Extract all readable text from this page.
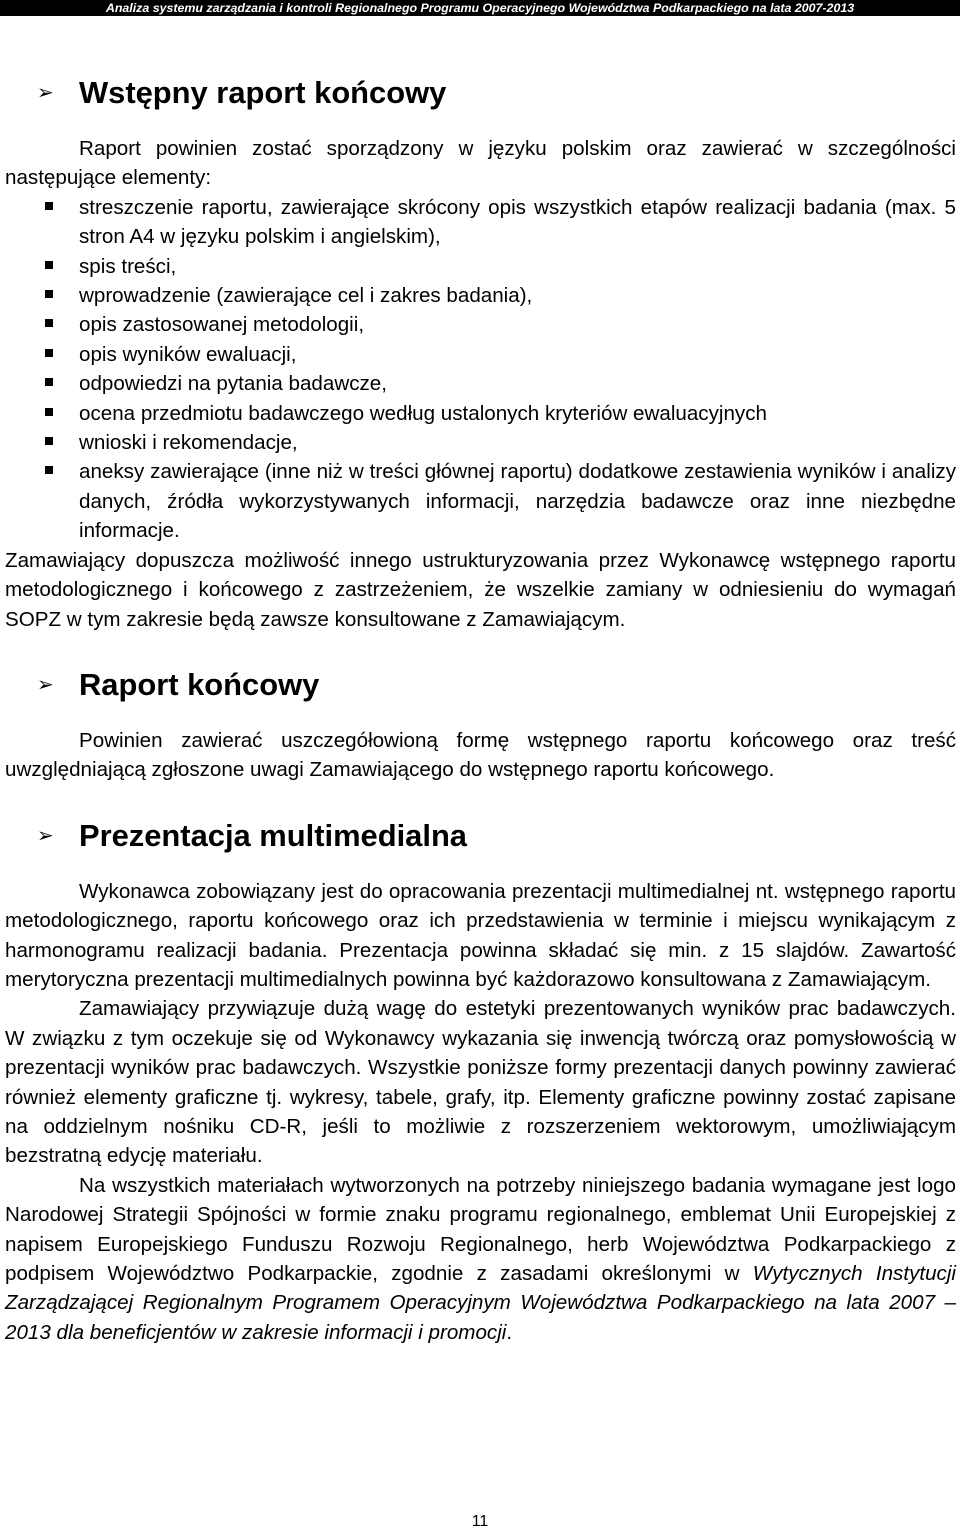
Analiza systemu zarządzania i kontroli Regionalnego Programu Operacyjnego Województwa Podkarpackiego na lata 2007-2013
➢ Wstępny raport końcowy

Raport powinien zostać sporządzony w języku polskim oraz zawierać w szczególności następujące elementy:

streszczenie raportu, zawierające skrócony opis wszystkich etapów realizacji badania (max. 5 stron A4 w języku polskim i angielskim),
spis treści,
wprowadzenie (zawierające cel i zakres badania),
opis zastosowanej metodologii,
opis wyników ewaluacji,
odpowiedzi na pytania badawcze,
ocena przedmiotu badawczego według ustalonych kryteriów ewaluacyjnych
wnioski i rekomendacje,
aneksy zawierające (inne niż w treści głównej raportu) dodatkowe zestawienia wyników i analizy danych, źródła wykorzystywanych informacji, narzędzia badawcze oraz inne niezbędne informacje.

Zamawiający dopuszcza możliwość innego ustrukturyzowania przez Wykonawcę wstępnego raportu metodologicznego i końcowego z zastrzeżeniem, że wszelkie zamiany w odniesieniu do wymagań SOPZ w tym zakresie będą zawsze konsultowane z Zamawiającym.

➢ Raport końcowy

Powinien zawierać uszczegółowioną formę wstępnego raportu końcowego oraz treść uwzględniającą zgłoszone uwagi Zamawiającego do wstępnego raportu końcowego.

➢ Prezentacja multimedialna

Wykonawca zobowiązany jest do opracowania prezentacji multimedialnej nt. wstępnego raportu metodologicznego, raportu końcowego oraz ich przedstawienia w terminie i miejscu wynikającym z harmonogramu realizacji badania. Prezentacja powinna składać się min. z 15 slajdów. Zawartość merytoryczna prezentacji multimedialnych powinna być każdorazowo konsultowana z Zamawiającym.

Zamawiający przywiązuje dużą wagę do estetyki prezentowanych wyników prac badawczych. W związku z tym oczekuje się od Wykonawcy wykazania się inwencją twórczą oraz pomysłowością w prezentacji wyników prac badawczych. Wszystkie poniższe formy prezentacji danych powinny zawierać również elementy graficzne tj. wykresy, tabele, grafy, itp. Elementy graficzne powinny zostać zapisane na oddzielnym nośniku CD-R, jeśli to możliwie z rozszerzeniem wektorowym, umożliwiającym bezstratną edycję materiału.

Na wszystkich materiałach wytworzonych na potrzeby niniejszego badania wymagane jest logo Narodowej Strategii Spójności w formie znaku programu regionalnego, emblemat Unii Europejskiej z napisem Europejskiego Funduszu Rozwoju Regionalnego, herb Województwa Podkarpackiego z podpisem Województwo Podkarpackie, zgodnie z zasadami określonymi w Wytycznych Instytucji Zarządzającej Regionalnym Programem Operacyjnym Województwa Podkarpackiego na lata 2007 – 2013 dla beneficjentów w zakresie informacji i promocji.

11
